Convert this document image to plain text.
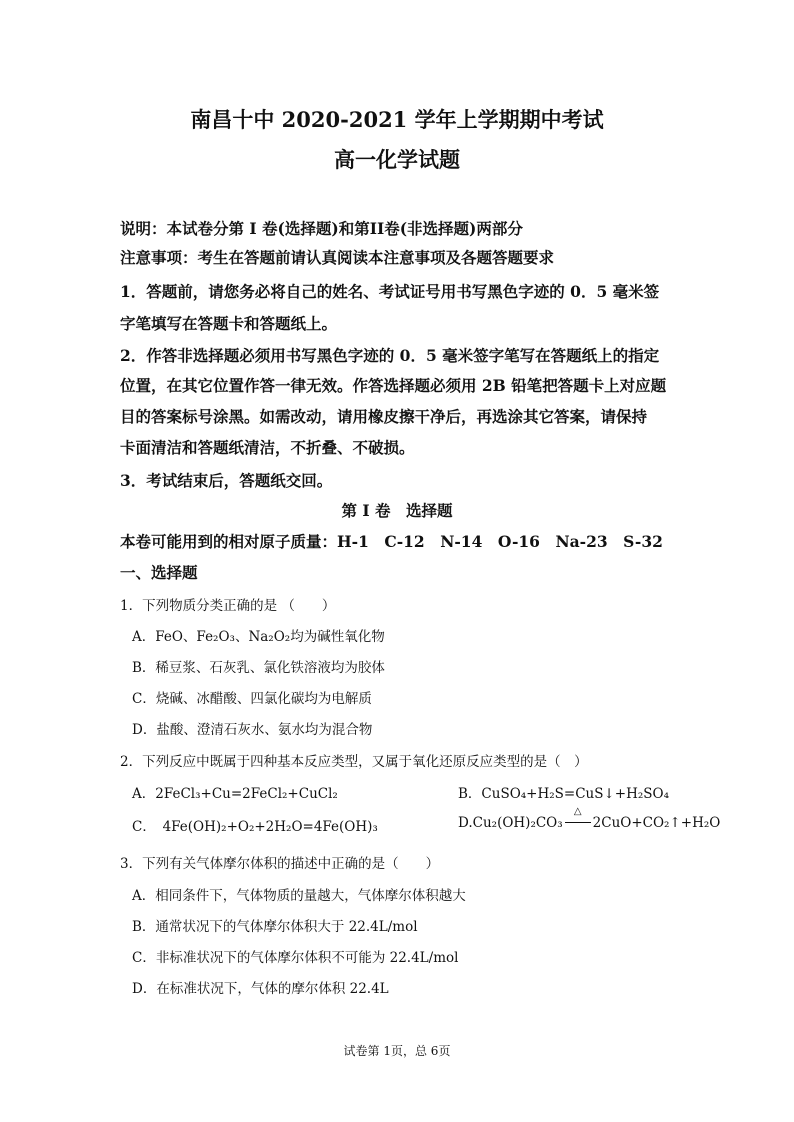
南昌十中 2020-2021 学年上学期期中考试
高一化学试题
说明：本试卷分第 I 卷(选择题)和第II卷(非选择题)两部分
注意事项：考生在答题前请认真阅读本注意事项及各题答题要求
1．答题前，请您务必将自己的姓名、考试证号用书写黑色字迹的 0．5 毫米签
字笔填写在答题卡和答题纸上。
2．作答非选择题必须用书写黑色字迹的 0．5 毫米签字笔写在答题纸上的指定
位置，在其它位置作答一律无效。作答选择题必须用 2B 铅笔把答题卡上对应题
目的答案标号涂黑。如需改动，请用橡皮擦干净后，再选涂其它答案，请保持
卡面清洁和答题纸清洁，不折叠、不破损。
3．考试结束后，答题纸交回。
第 I 卷　选择题
本卷可能用到的相对原子质量：H-1　C-12　N-14　O-16　Na-23　S-32
一、选择题
1．下列物质分类正确的是 （　　）
A．FeO、Fe₂O₃、Na₂O₂均为碱性氧化物
B．稀豆浆、石灰乳、氯化铁溶液均为胶体
C．烧碱、冰醋酸、四氯化碳均为电解质
D．盐酸、澄清石灰水、氨水均为混合物
2．下列反应中既属于四种基本反应类型，又属于氧化还原反应类型的是（　）
A．2FeCl₃+Cu=2FeCl₂+CuCl₂	B．CuSO₄+H₂S=CuS↓+H₂SO₄
C．　4Fe(OH)₂+O₂+2H₂O=4Fe(OH)₃	D.Cu₂(OH)₂CO₃
△
2CuO+CO₂↑+H₂O
3．下列有关气体摩尔体积的描述中正确的是（　　）
A．相同条件下，气体物质的量越大，气体摩尔体积越大
B．通常状况下的气体摩尔体积大于 22.4L/mol
C．非标准状况下的气体摩尔体积不可能为 22.4L/mol
D．在标准状况下，气体的摩尔体积 22.4L
试卷第 1页，总 6页
